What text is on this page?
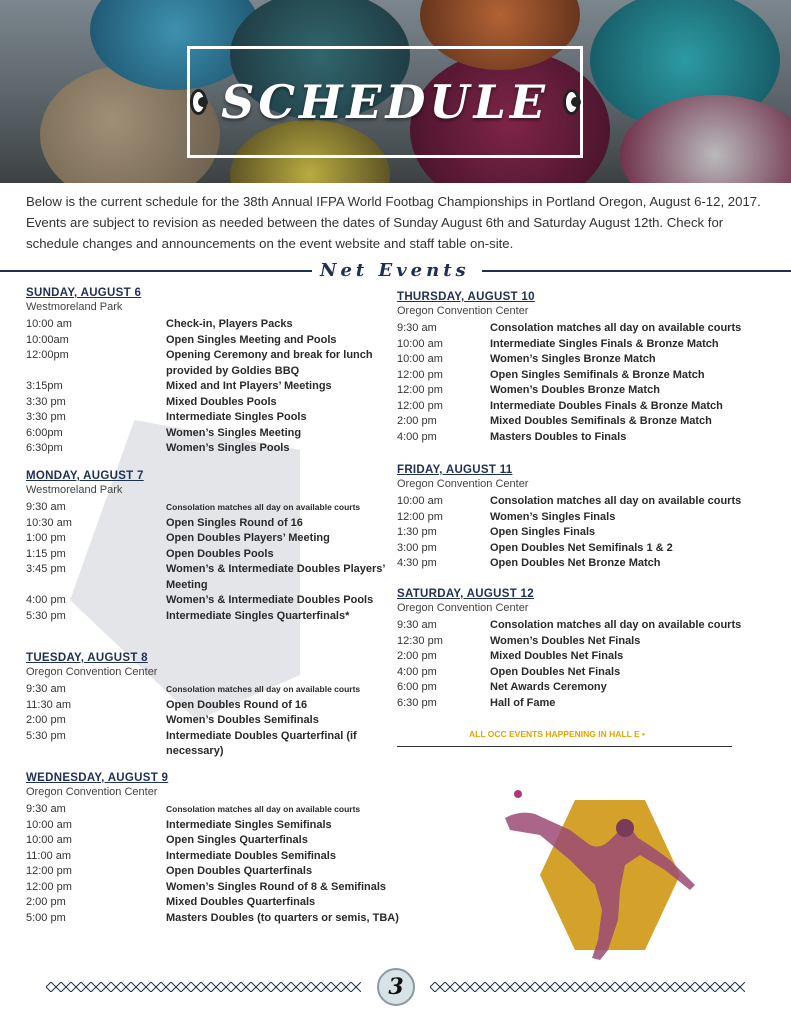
SCHEDULE

Below is the current schedule for the 38th Annual IFPA World Footbag Championships in Portland Oregon, August 6-12, 2017. Events are subject to revision as needed between the dates of Sunday August 6th and Saturday August 12th. Check for schedule changes and announcements on the event website and staff table on-site.

Net Events
SUNDAY, AUGUST 6
Westmoreland Park
10:00 am	Check-in, Players Packs
10:00am	Open Singles Meeting and Pools
12:00pm	Opening Ceremony and break for lunch provided by Goldies BBQ
3:15pm	Mixed and Int Players’ Meetings
3:30 pm	Mixed Doubles Pools
3:30 pm	Intermediate Singles Pools
6:00pm	Women’s Singles Meeting
6:30pm	Women’s Singles Pools
MONDAY, AUGUST 7
Westmoreland Park
9:30 am	Consolation matches all day on available courts
10:30 am	Open Singles Round of 16
1:00 pm	Open Doubles Players’ Meeting
1:15 pm	Open Doubles Pools
3:45 pm	Women’s & Intermediate Doubles Players’ Meeting
4:00 pm	Women’s & Intermediate Doubles Pools
5:30 pm	Intermediate Singles Quarterfinals*
TUESDAY, AUGUST 8
Oregon Convention Center
9:30 am	Consolation matches all day on available courts
11:30 am	Open Doubles Round of 16
2:00 pm	Women’s Doubles Semifinals
5:30 pm	Intermediate Doubles Quarterfinal (if necessary)
WEDNESDAY, AUGUST 9
Oregon Convention Center
9:30 am	Consolation matches all day on available courts
10:00 am	Intermediate Singles Semifinals
10:00 am	Open Singles Quarterfinals
11:00 am	Intermediate Doubles Semifinals
12:00 pm	Open Doubles Quarterfinals
12:00 pm	Women’s Singles Round of 8 & Semifinals
2:00 pm	Mixed Doubles Quarterfinals
5:00 pm	Masters Doubles (to quarters or semis, TBA)
THURSDAY, AUGUST 10
Oregon Convention Center
9:30 am	Consolation matches all day on available courts
10:00 am	Intermediate Singles Finals & Bronze Match
10:00 am	Women’s Singles Bronze Match
12:00 pm	Open Singles Semifinals & Bronze Match
12:00 pm	Women’s Doubles Bronze Match
12:00 pm	Intermediate Doubles Finals & Bronze Match
2:00 pm	Mixed Doubles Semifinals & Bronze Match
4:00 pm	Masters Doubles to Finals
FRIDAY, AUGUST 11
Oregon Convention Center
10:00 am	Consolation matches all day on available courts
12:00 pm	Women’s Singles Finals
1:30 pm	Open Singles Finals
3:00 pm	Open Doubles Net Semifinals 1 & 2
4:30 pm	Open Doubles Net Bronze Match
SATURDAY, AUGUST 12
Oregon Convention Center
9:30 am	Consolation matches all day on available courts
12:30 pm	Women’s Doubles Net Finals
2:00 pm	Mixed Doubles Net Finals
4:00 pm	Open Doubles Net Finals
6:00 pm	Net Awards Ceremony
6:30 pm	Hall of Fame
ALL OCC EVENTS HAPPENING IN HALL E •
3
